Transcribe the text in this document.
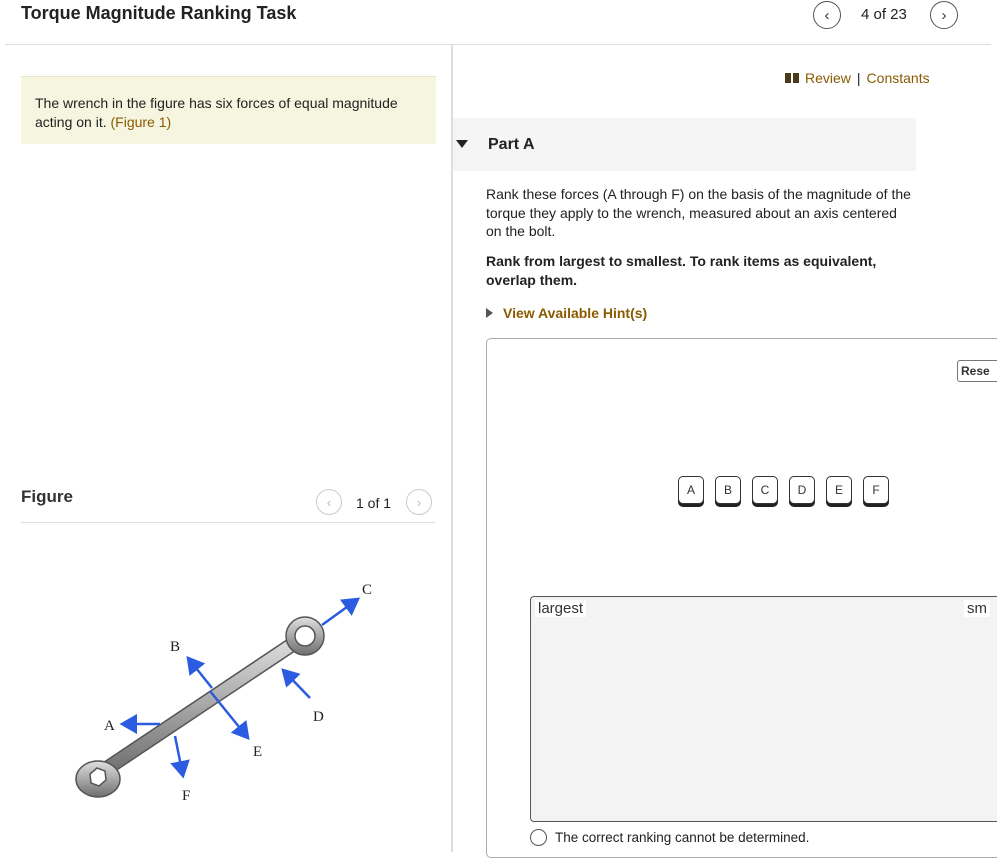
Torque Magnitude Ranking Task	‹ 4 of 23 ›
The wrench in the figure has six forces of equal magnitude acting on it. (Figure 1)
Figure	‹ 1 of 1 ›
A
B
C
D
E
F
Review | Constants
Part A
Rank these forces (A through F) on the basis of the magnitude of the torque they apply to the wrench, measured about an axis centered on the bolt.
Rank from largest to smallest. To rank items as equivalent, overlap them.
View Available Hint(s)
Rese
A	B	C	D	E	F
largest	sm
The correct ranking cannot be determined.
